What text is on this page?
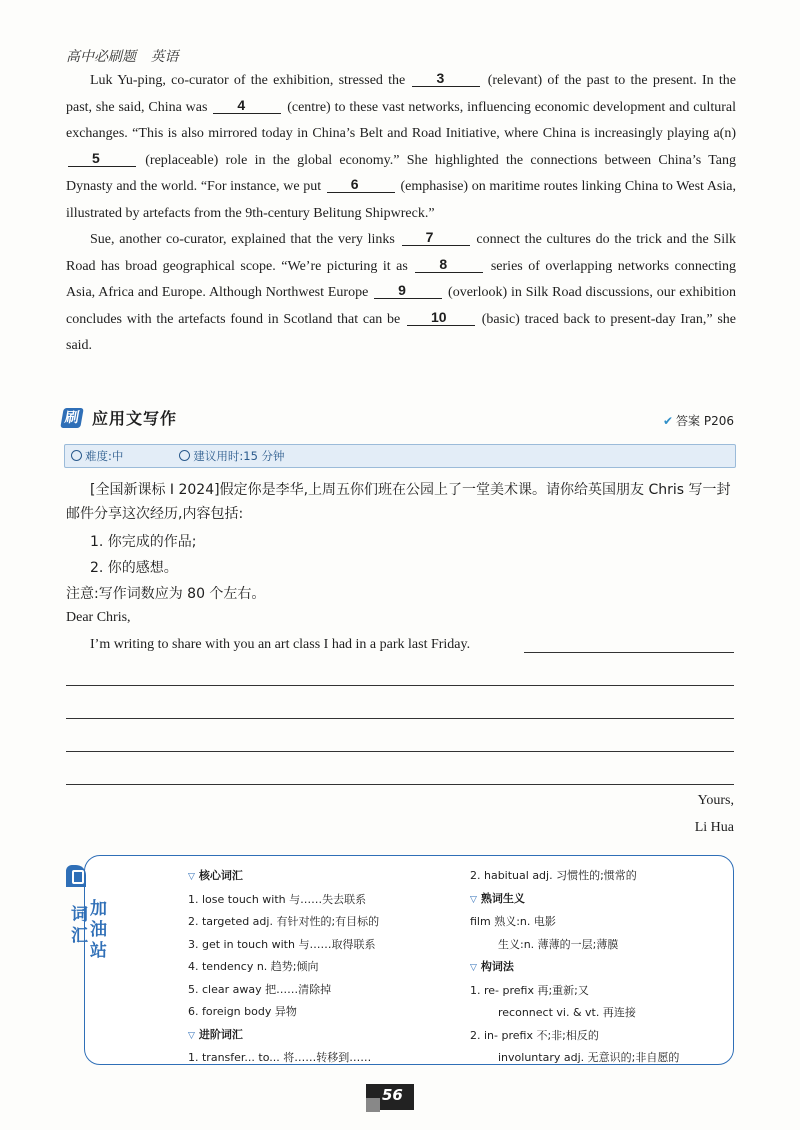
高中必刷题 英语

Luk Yu-ping, co-curator of the exhibition, stressed the 3	(relevant) of the past to the present. In the past, she said, China was 4	(centre) to these vast networks, influencing economic development and cultural exchanges. “This is also mirrored today in China’s Belt and Road Initiative, where China is increasingly playing a(n) 5	(replaceable) role in the global economy.” She highlighted the connections between China’s Tang Dynasty and the world. “For instance, we put 6	(emphasise) on maritime routes linking China to West Asia, illustrated by artefacts from the 9th-century Belitung Shipwreck.”

Sue, another co-curator, explained that the very links 7	connect the cultures do the trick and the Silk Road has broad geographical scope. “We’re picturing it as 8	series of overlapping networks connecting Asia, Africa and Europe. Although Northwest Europe 9	(overlook) in Silk Road discussions, our exhibition concludes with the artefacts found in Scotland that can be 10	(basic) traced back to present-day Iran,” she said.

刷 应用文写作	✔ 答案 P206
难度:中	建议用时:15 分钟
[全国新课标 I 2024]假定你是李华,上周五你们班在公园上了一堂美术课。请你给英国朋友 Chris 写一封邮件分享这次经历,内容包括:
1. 你完成的作品;
2. 你的感想。
注意:写作词数应为 80 个左右。
Dear Chris,
I’m writing to share with you an art class I had in a park last Friday.
Yours,
Li Hua
词汇
加油站
▽ 核心词汇
1. lose touch with 与……失去联系
2. targeted adj. 有针对性的;有目标的
3. get in touch with 与……取得联系
4. tendency n. 趋势;倾向
5. clear away 把……清除掉
6. foreign body 异物
▽ 进阶词汇
1. transfer... to... 将……转移到……
2. habitual adj. 习惯性的;惯常的
▽ 熟词生义
film 熟义:n. 电影
生义:n. 薄薄的一层;薄膜
▽ 构词法
1. re- prefix 再;重新;又
reconnect vi. & vt. 再连接
2. in- prefix 不;非;相反的
involuntary adj. 无意识的;非自愿的
56
